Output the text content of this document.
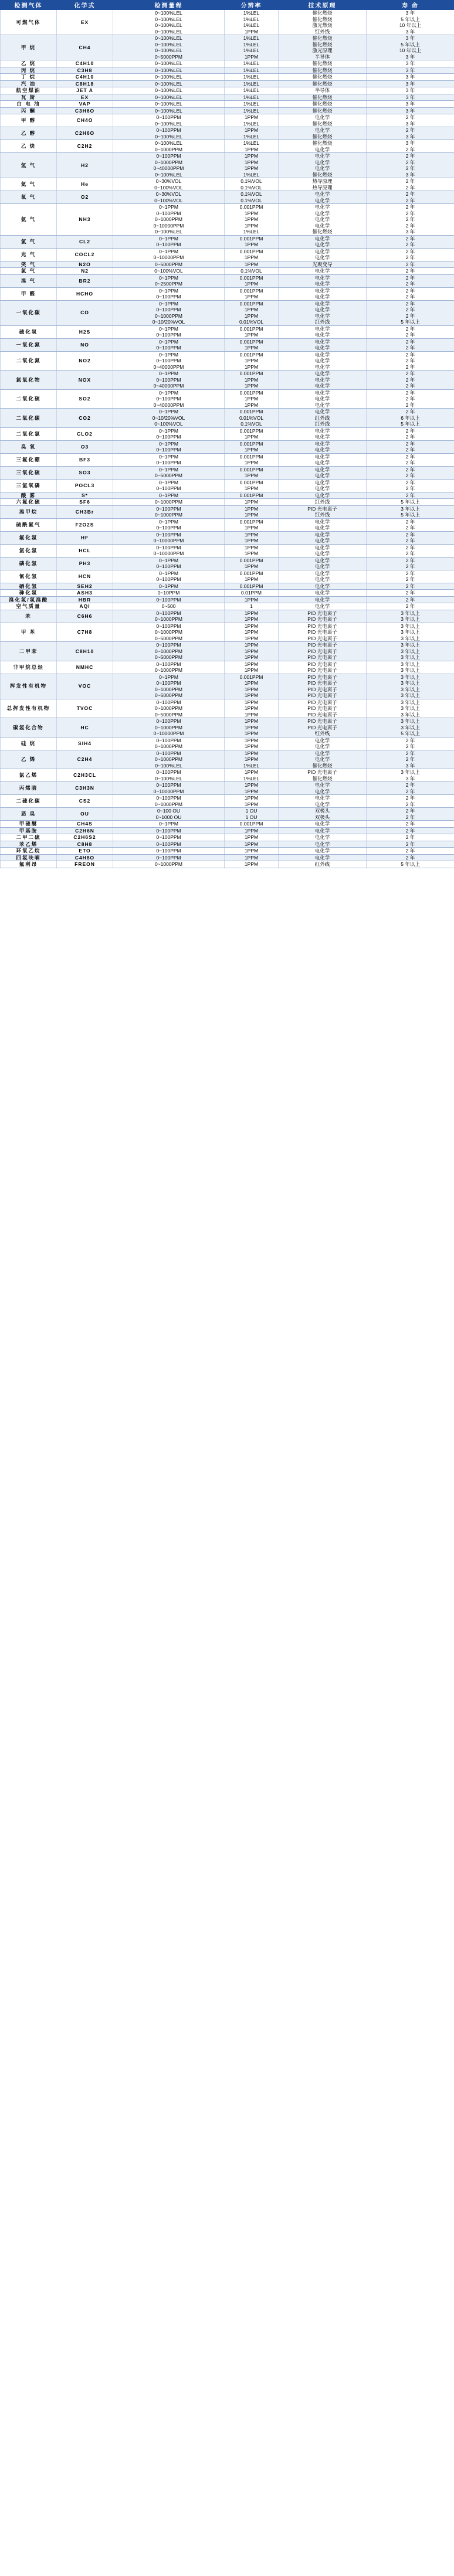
检测气体	化学式	检测量程	分辨率	技术原理	寿 命
可燃气体	EX	0~100%LEL	1%LEL	催化燃烧	3 年
		0~100%LEL	1%LEL	催化燃烧	5 年以上
		0~100%LEL	1%LEL	激光燃烧	10 年以上
		0~100%LEL	1PPM	红外线	3 年
甲 烷	CH4	0~100%LEL	1%LEL	催化燃烧	3 年
		0~100%LEL	1%LEL	催化燃烧	5 年以上
		0~100%LEL	1%LEL	激光原理	10 年以上
		0~5000PPM	1PPM	半导体	3 年
乙 烷	C4H10	0~100%LEL	1%LEL	催化燃烧	3 年
丙 烷	C3H8	0~100%LEL	1%LEL	催化燃烧	3 年
丁 烷	C4H10	0~100%LEL	1%LEL	催化燃烧	3 年
汽 油	C8H18	0~100%LEL	1%LEL	催化燃烧	3 年
航空煤油	JET A	0~100%LEL	1%LEL	半导体	3 年
瓦 斯	EX	0~100%LEL	1%LEL	催化燃烧	3 年
白 电 油	VAP	0~100%LEL	1%LEL	催化燃烧	3 年
丙 酮	C3H6O	0~100%LEL	1%LEL	催化燃烧	3 年
甲 醇	CH4O	0~100PPM	1PPM	电化学	2 年
		0~100%LEL	1%LEL	催化燃烧	3 年
乙 醇	C2H6O	0~100PPM	1PPM	电化学	2 年
		0~100%LEL	1%LEL	催化燃烧	3 年
乙 炔	C2H2	0~100%LEL	1%LEL	催化燃烧	3 年
		0~1000PPM	1PPM	电化学	2 年
氢 气	H2	0~100PPM	1PPM	电化学	2 年
		0~1000PPM	1PPM	电化学	2 年
		0~40000PPM	1PPM	电化学	2 年
		0~100%LEL	1%LEL	催化燃烧	3 年
氦 气	He	0~30%VOL	0.1%VOL	热导原理	2 年
		0~100%VOL	0.1%VOL	热导原理	2 年
氧 气	O2	0~30%VOL	0.1%VOL	电化学	2 年
		0~100%VOL	0.1%VOL	电化学	2 年
氨 气	NH3	0~1PPM	0.001PPM	电化学	2 年
		0~100PPM	1PPM	电化学	2 年
		0~1000PPM	1PPM	电化学	2 年
		0~10000PPM	1PPM	电化学	2 年
		0~100%LEL	1%LEL	催化燃烧	3 年
氯 气	CL2	0~1PPM	0.001PPM	电化学	2 年
		0~100PPM	1PPM	电化学	2 年
光 气	COCL2	0~1PPM	0.001PPM	电化学	2 年
		0~10000PPM	1PPM	电化学	2 年
笑 气	N2O	0~5000PPM	1PPM	光聚变导	2 年
氮 气	N2	0~100%VOL	0.1%VOL	电化学	2 年
溴 气	BR2	0~1PPM	0.001PPM	电化学	2 年
		0~2500PPM	1PPM	电化学	2 年
甲 醛	HCHO	0~1PPM	0.001PPM	电化学	2 年
		0~100PPM	1PPM	电化学	2 年
一氧化碳	CO	0~1PPM	0.001PPM	电化学	2 年
		0~100PPM	1PPM	电化学	2 年
		0~1000PPM	1PPM	电化学	2 年
		0~10/20%VOL	0.01%VOL	红外线	5 年以上
硫化氢	H2S	0~1PPM	0.001PPM	电化学	2 年
		0~100PPM	1PPM	电化学	2 年
一氧化氮	NO	0~1PPM	0.001PPM	电化学	2 年
		0~100PPM	1PPM	电化学	2 年
二氧化氮	NO2	0~1PPM	0.001PPM	电化学	2 年
		0~100PPM	1PPM	电化学	2 年
		0~40000PPM	1PPM	电化学	2 年
氮氧化物	NOX	0~1PPM	0.001PPM	电化学	2 年
		0~100PPM	1PPM	电化学	2 年
		0~40000PPM	1PPM	电化学	2 年
二氧化硫	SO2	0~1PPM	0.001PPM	电化学	2 年
		0~100PPM	1PPM	电化学	2 年
		0~40000PPM	1PPM	电化学	2 年
二氧化碳	CO2	0~1PPM	0.001PPM	电化学	2 年
		0~10/20%VOL	0.01%VOL	红外线	6 年以上
		0~100%VOL	0.1%VOL	红外线	5 年以上
二氧化氯	CLO2	0~1PPM	0.001PPM	电化学	2 年
		0~100PPM	1PPM	电化学	2 年
臭 氧	O3	0~1PPM	0.001PPM	电化学	2 年
		0~100PPM	1PPM	电化学	2 年
三氟化硼	BF3	0~1PPM	0.001PPM	电化学	2 年
		0~100PPM	1PPM	电化学	2 年
三氧化硫	SO3	0~1PPM	0.001PPM	电化学	2 年
		0~5000PPM	1PPM	电化学	2 年
三氯氧磷	POCL3	0~1PPM	0.001PPM	电化学	2 年
		0~100PPM	1PPM	电化学	2 年
酸 雾	S*	0~1PPM	0.001PPM	电化学	2 年
六氟化硫	SF6	0~1000PPM	1PPM	红外线	5 年以上
溴甲烷	CH3Br	0~100PPM	1PPM	PID 光电离子	3 年以上
		0~1000PPM	1PPM	红外线	5 年以上
硫酰氟气	F2O2S	0~1PPM	0.001PPM	电化学	2 年
		0~100PPM	1PPM	电化学	2 年
氟化氢	HF	0~100PPM	1PPM	电化学	2 年
		0~10000PPM	1PPM	电化学	2 年
氯化氢	HCL	0~100PPM	1PPM	电化学	2 年
		0~10000PPM	1PPM	电化学	2 年
磷化氢	PH3	0~1PPM	0.001PPM	电化学	2 年
		0~100PPM	1PPM	电化学	2 年
氰化氢	HCN	0~1PPM	0.001PPM	电化学	2 年
		0~100PPM	1PPM	电化学	2 年
硒化氢	SEH2	0~1PPM	0.001PPM	电化学	2 年
砷化氢	ASH3	0~10PPM	0.01PPM	电化学	2 年
溴化氢/氢溴酸	HBR	0~100PPM	1PPM	电化学	2 年
空气质量	AQI	0~500	1	电化学	2 年
苯	C6H6	0~100PPM	1PPM	PID 光电离子	3 年以上
		0~1000PPM	1PPM	PID 光电离子	3 年以上
甲 苯	C7H8	0~100PPM	1PPM	PID 光电离子	3 年以上
		0~1000PPM	1PPM	PID 光电离子	3 年以上
		0~5000PPM	1PPM	PID 光电离子	3 年以上
二甲苯	C8H10	0~100PPM	1PPM	PID 光电离子	3 年以上
		0~1000PPM	1PPM	PID 光电离子	3 年以上
		0~5000PPM	1PPM	PID 光电离子	3 年以上
非甲烷总烃	NMHC	0~100PPM	1PPM	PID 光电离子	3 年以上
		0~1000PPM	1PPM	PID 光电离子	3 年以上
挥发性有机物	VOC	0~1PPM	0.001PPM	PID 光电离子	3 年以上
		0~100PPM	1PPM	PID 光电离子	3 年以上
		0~1000PPM	1PPM	PID 光电离子	3 年以上
		0~5000PPM	1PPM	PID 光电离子	3 年以上
总挥发性有机物	TVOC	0~100PPM	1PPM	PID 光电离子	3 年以上
		0~1000PPM	1PPM	PID 光电离子	3 年以上
		0~5000PPM	1PPM	PID 光电离子	3 年以上
碳氢化合物	HC	0~100PPM	1PPM	PID 光电离子	3 年以上
		0~1000PPM	1PPM	PID 光电离子	3 年以上
		0~10000PPM	1PPM	红外线	5 年以上
硅 烷	SIH4	0~100PPM	1PPM	电化学	2 年
		0~1000PPM	1PPM	电化学	2 年
乙 烯	C2H4	0~100PPM	1PPM	电化学	2 年
		0~1000PPM	1PPM	电化学	2 年
		0~100%LEL	1%LEL	催化燃烧	3 年
氯乙烯	C2H3CL	0~100PPM	1PPM	PID 光电离子	3 年以上
		0~100%LEL	1%LEL	催化燃烧	3 年
丙烯腈	C3H3N	0~100PPM	1PPM	电化学	2 年
		0~10000PPM	1PPM	电化学	2 年
二硫化碳	CS2	0~100PPM	1PPM	电化学	2 年
		0~1000PPM	1PPM	电化学	2 年
恶 臭	OU	0~100 OU	1 OU	双极头	2 年
		0~1000 OU	1 OU	双极头	2 年
甲硫醚	CH4S	0~1PPM	0.001PPM	电化学	2 年
甲基胺	C2H6N	0~100PPM	1PPM	电化学	2 年
二甲二硫	C2H6S2	0~100PPM	1PPM	电化学	2 年
苯乙烯	C8H8	0~100PPM	1PPM	电化学	2 年
环氧乙烷	ETO	0~100PPM	1PPM	电化学	2 年
四氢呋喃	C4H8O	0~100PPM	1PPM	电化学	2 年
氟利昂	FREON	0~1000PPM	1PPM	红外线	5 年以上
